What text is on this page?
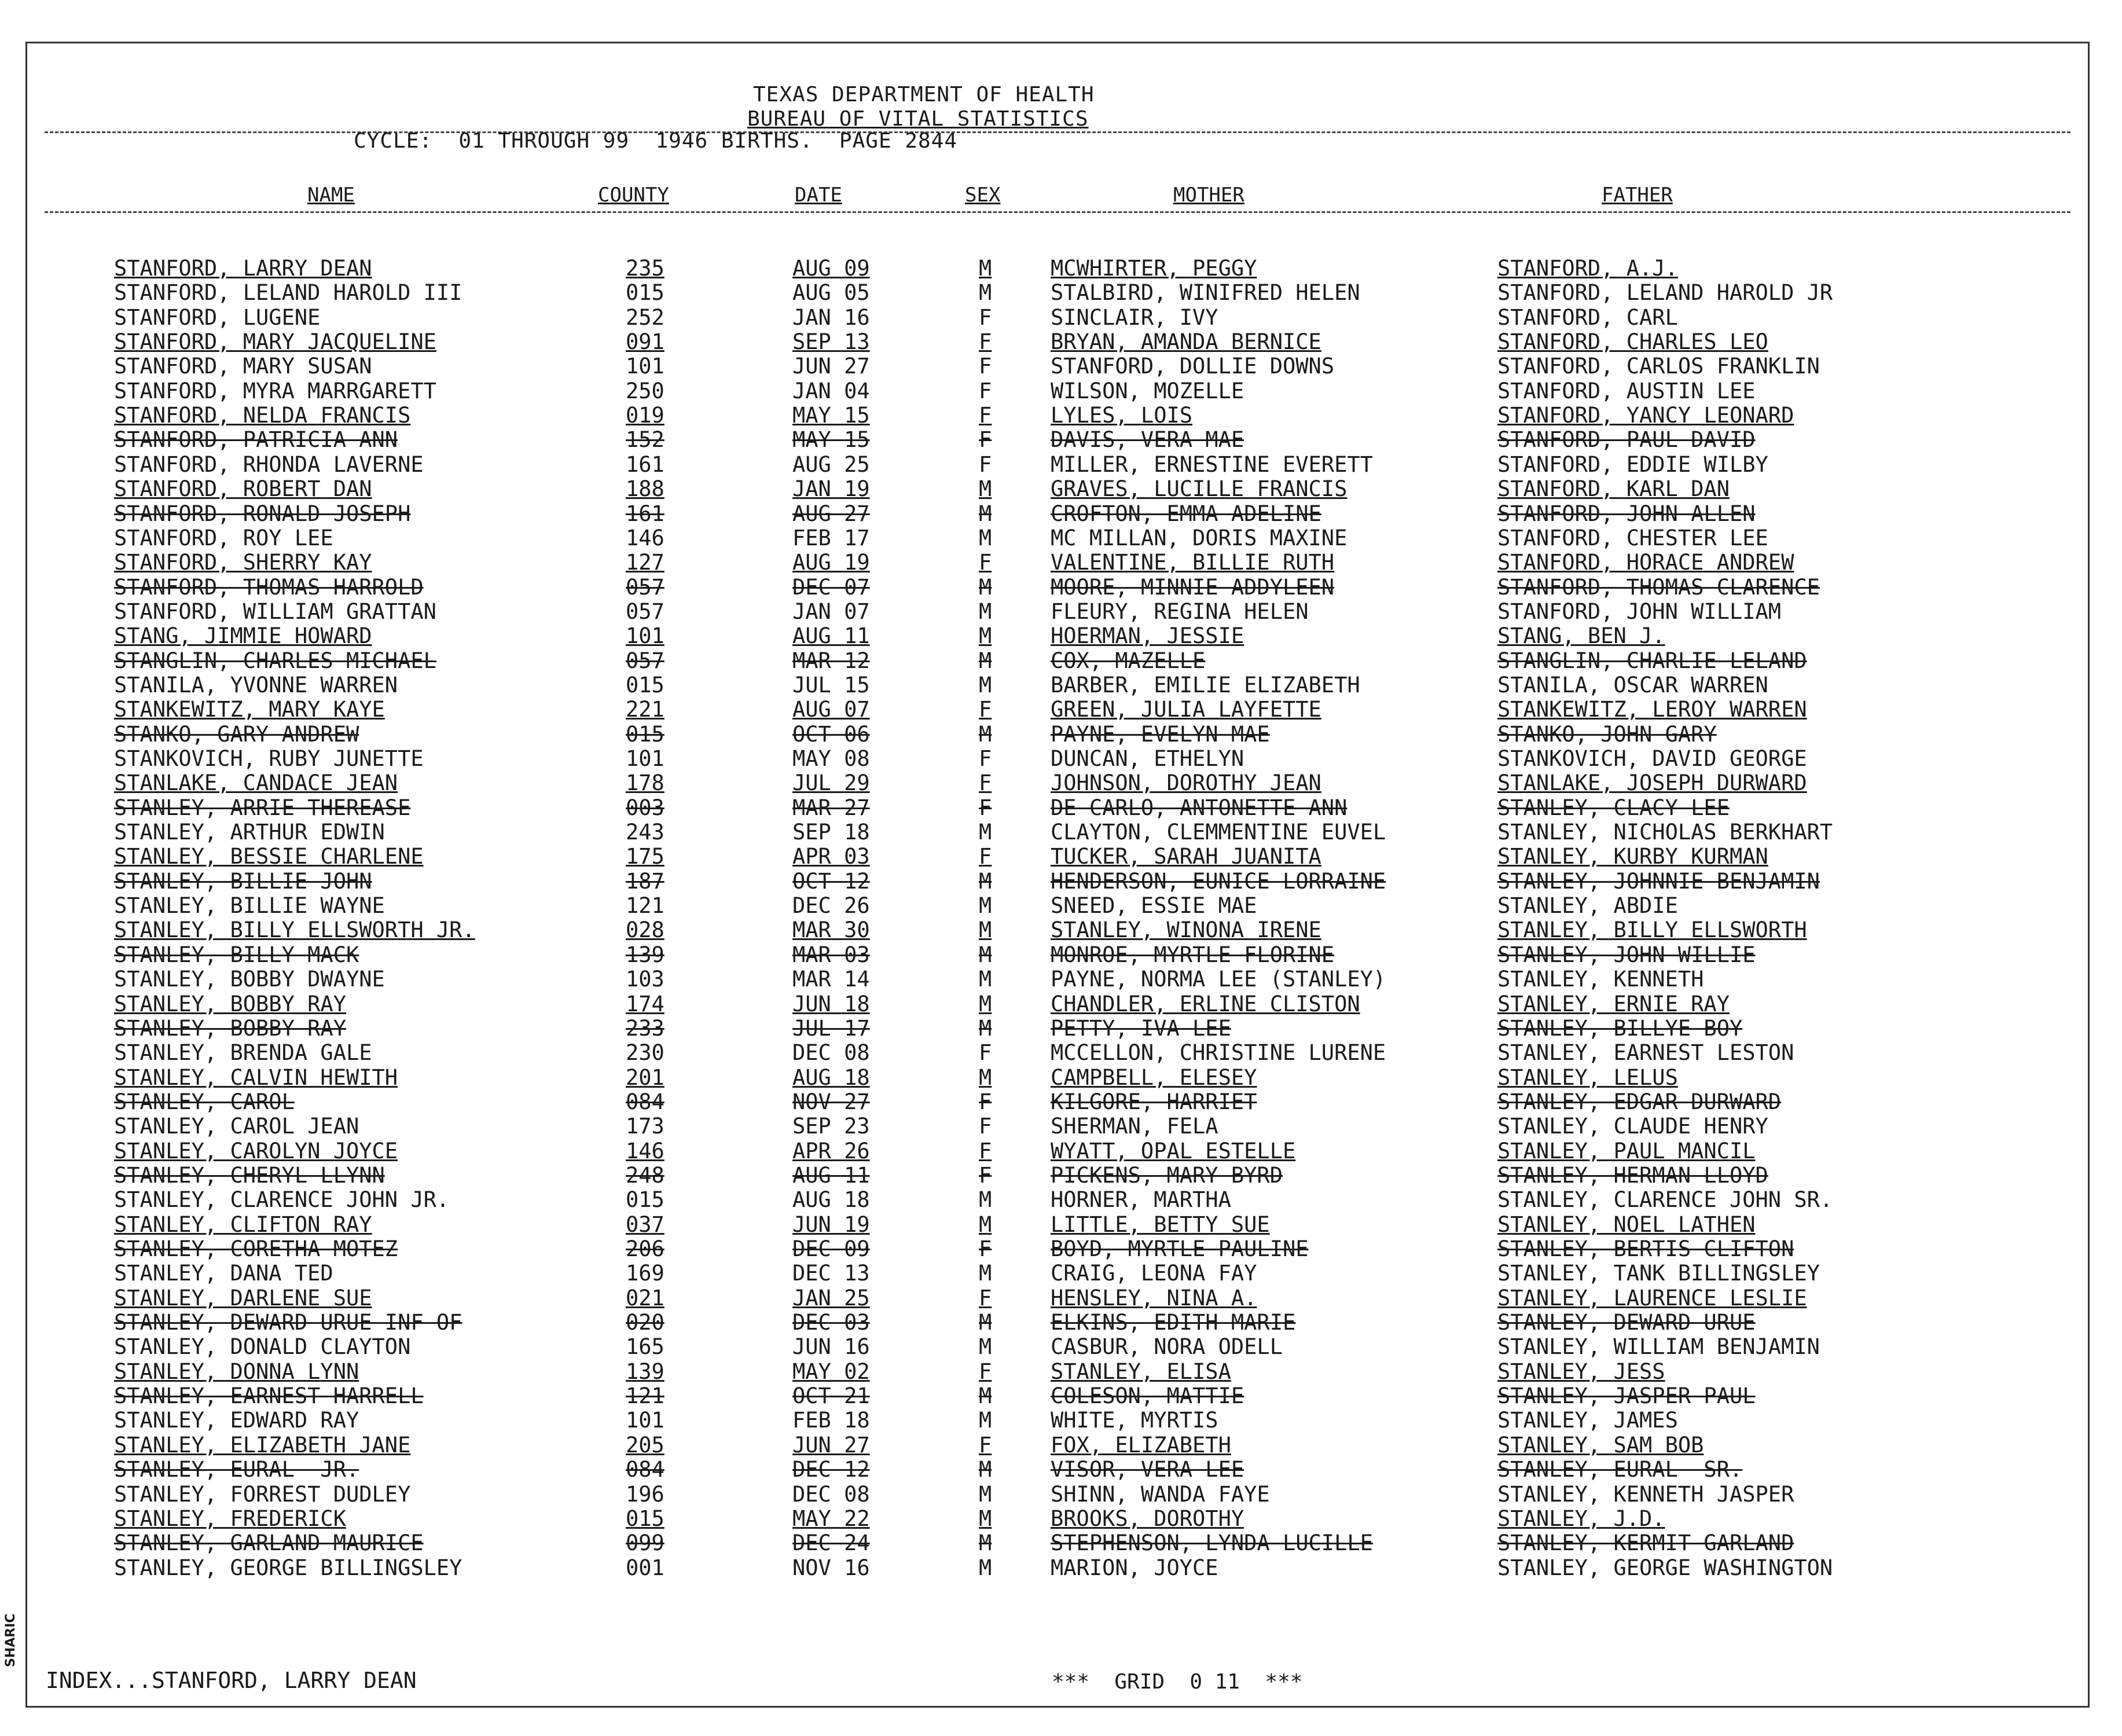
TEXAS DEPARTMENT OF HEALTH
BUREAU OF VITAL STATISTICS
CYCLE:  01 THROUGH 99  1946 BIRTHS.  PAGE 2844
NAME	COUNTY	DATE	SEX	MOTHER	FATHER
STANFORD, LARRY DEAN	235	AUG 09	M	MCWHIRTER, PEGGY	STANFORD, A.J.
STANFORD, LELAND HAROLD III	015	AUG 05	M	STALBIRD, WINIFRED HELEN	STANFORD, LELAND HAROLD JR
STANFORD, LUGENE	252	JAN 16	F	SINCLAIR, IVY	STANFORD, CARL
STANFORD, MARY JACQUELINE	091	SEP 13	F	BRYAN, AMANDA BERNICE	STANFORD, CHARLES LEO
STANFORD, MARY SUSAN	101	JUN 27	F	STANFORD, DOLLIE DOWNS	STANFORD, CARLOS FRANKLIN
STANFORD, MYRA MARRGARETT	250	JAN 04	F	WILSON, MOZELLE	STANFORD, AUSTIN LEE
STANFORD, NELDA FRANCIS	019	MAY 15	F	LYLES, LOIS	STANFORD, YANCY LEONARD
STANFORD, PATRICIA ANN	152	MAY 15	F	DAVIS, VERA MAE	STANFORD, PAUL DAVID
STANFORD, RHONDA LAVERNE	161	AUG 25	F	MILLER, ERNESTINE EVERETT	STANFORD, EDDIE WILBY
STANFORD, ROBERT DAN	188	JAN 19	M	GRAVES, LUCILLE FRANCIS	STANFORD, KARL DAN
STANFORD, RONALD JOSEPH	161	AUG 27	M	CROFTON, EMMA ADELINE	STANFORD, JOHN ALLEN
STANFORD, ROY LEE	146	FEB 17	M	MC MILLAN, DORIS MAXINE	STANFORD, CHESTER LEE
STANFORD, SHERRY KAY	127	AUG 19	F	VALENTINE, BILLIE RUTH	STANFORD, HORACE ANDREW
STANFORD, THOMAS HARROLD	057	DEC 07	M	MOORE, MINNIE ADDYLEEN	STANFORD, THOMAS CLARENCE
STANFORD, WILLIAM GRATTAN	057	JAN 07	M	FLEURY, REGINA HELEN	STANFORD, JOHN WILLIAM
STANG, JIMMIE HOWARD	101	AUG 11	M	HOERMAN, JESSIE	STANG, BEN J.
STANGLIN, CHARLES MICHAEL	057	MAR 12	M	COX, MAZELLE	STANGLIN, CHARLIE LELAND
STANILA, YVONNE WARREN	015	JUL 15	M	BARBER, EMILIE ELIZABETH	STANILA, OSCAR WARREN
STANKEWITZ, MARY KAYE	221	AUG 07	F	GREEN, JULIA LAYFETTE	STANKEWITZ, LEROY WARREN
STANKO, GARY ANDREW	015	OCT 06	M	PAYNE, EVELYN MAE	STANKO, JOHN GARY
STANKOVICH, RUBY JUNETTE	101	MAY 08	F	DUNCAN, ETHELYN	STANKOVICH, DAVID GEORGE
STANLAKE, CANDACE JEAN	178	JUL 29	F	JOHNSON, DOROTHY JEAN	STANLAKE, JOSEPH DURWARD
STANLEY, ARRIE THEREASE	003	MAR 27	F	DE CARLO, ANTONETTE ANN	STANLEY, CLACY LEE
STANLEY, ARTHUR EDWIN	243	SEP 18	M	CLAYTON, CLEMMENTINE EUVEL	STANLEY, NICHOLAS BERKHART
STANLEY, BESSIE CHARLENE	175	APR 03	F	TUCKER, SARAH JUANITA	STANLEY, KURBY KURMAN
STANLEY, BILLIE JOHN	187	OCT 12	M	HENDERSON, EUNICE LORRAINE	STANLEY, JOHNNIE BENJAMIN
STANLEY, BILLIE WAYNE	121	DEC 26	M	SNEED, ESSIE MAE	STANLEY, ABDIE
STANLEY, BILLY ELLSWORTH JR.	028	MAR 30	M	STANLEY, WINONA IRENE	STANLEY, BILLY ELLSWORTH
STANLEY, BILLY MACK	139	MAR 03	M	MONROE, MYRTLE FLORINE	STANLEY, JOHN WILLIE
STANLEY, BOBBY DWAYNE	103	MAR 14	M	PAYNE, NORMA LEE (STANLEY)	STANLEY, KENNETH
STANLEY, BOBBY RAY	174	JUN 18	M	CHANDLER, ERLINE CLISTON	STANLEY, ERNIE RAY
STANLEY, BOBBY RAY	233	JUL 17	M	PETTY, IVA LEE	STANLEY, BILLYE BOY
STANLEY, BRENDA GALE	230	DEC 08	F	MCCELLON, CHRISTINE LURENE	STANLEY, EARNEST LESTON
STANLEY, CALVIN HEWITH	201	AUG 18	M	CAMPBELL, ELESEY	STANLEY, LELUS
STANLEY, CAROL	084	NOV 27	F	KILGORE, HARRIET	STANLEY, EDGAR DURWARD
STANLEY, CAROL JEAN	173	SEP 23	F	SHERMAN, FELA	STANLEY, CLAUDE HENRY
STANLEY, CAROLYN JOYCE	146	APR 26	F	WYATT, OPAL ESTELLE	STANLEY, PAUL MANCIL
STANLEY, CHERYL LLYNN	248	AUG 11	F	PICKENS, MARY BYRD	STANLEY, HERMAN LLOYD
STANLEY, CLARENCE JOHN JR.	015	AUG 18	M	HORNER, MARTHA	STANLEY, CLARENCE JOHN SR.
STANLEY, CLIFTON RAY	037	JUN 19	M	LITTLE, BETTY SUE	STANLEY, NOEL LATHEN
STANLEY, CORETHA MOTEZ	206	DEC 09	F	BOYD, MYRTLE PAULINE	STANLEY, BERTIS CLIFTON
STANLEY, DANA TED	169	DEC 13	M	CRAIG, LEONA FAY	STANLEY, TANK BILLINGSLEY
STANLEY, DARLENE SUE	021	JAN 25	F	HENSLEY, NINA A.	STANLEY, LAURENCE LESLIE
STANLEY, DEWARD URUE INF OF	020	DEC 03	M	ELKINS, EDITH MARIE	STANLEY, DEWARD URUE
STANLEY, DONALD CLAYTON	165	JUN 16	M	CASBUR, NORA ODELL	STANLEY, WILLIAM BENJAMIN
STANLEY, DONNA LYNN	139	MAY 02	F	STANLEY, ELISA	STANLEY, JESS
STANLEY, EARNEST HARRELL	121	OCT 21	M	COLESON, MATTIE	STANLEY, JASPER PAUL
STANLEY, EDWARD RAY	101	FEB 18	M	WHITE, MYRTIS	STANLEY, JAMES
STANLEY, ELIZABETH JANE	205	JUN 27	F	FOX, ELIZABETH	STANLEY, SAM BOB
STANLEY, EURAL  JR.	084	DEC 12	M	VISOR, VERA LEE	STANLEY, EURAL  SR.
STANLEY, FORREST DUDLEY	196	DEC 08	M	SHINN, WANDA FAYE	STANLEY, KENNETH JASPER
STANLEY, FREDERICK	015	MAY 22	M	BROOKS, DOROTHY	STANLEY, J.D.
STANLEY, GARLAND MAURICE	099	DEC 24	M	STEPHENSON, LYNDA LUCILLE	STANLEY, KERMIT GARLAND
STANLEY, GEORGE BILLINGSLEY	001	NOV 16	M	MARION, JOYCE	STANLEY, GEORGE WASHINGTON
INDEX...STANFORD, LARRY DEAN	***  GRID  0 11  ***
SHARIC
